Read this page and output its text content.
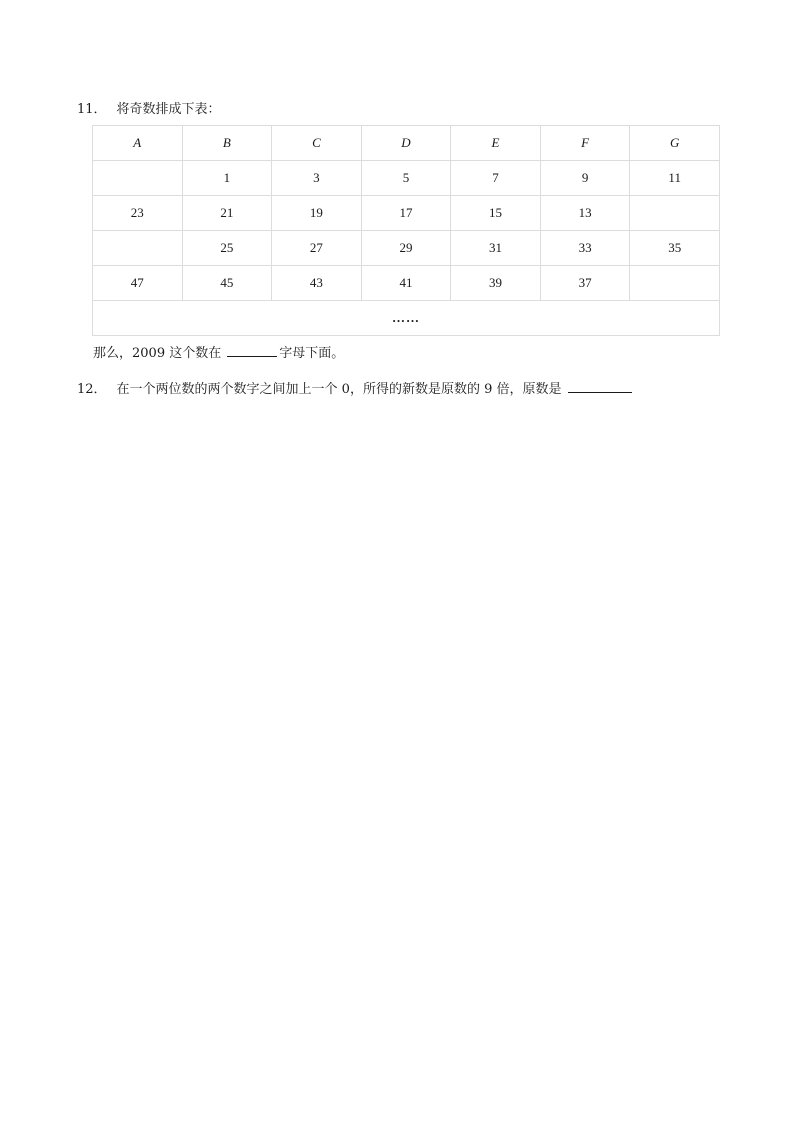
11． 将奇数排成下表：
A	B	C	D	E	F	G
	1	3	5	7	9	11
23	21	19	17	15	13	
	25	27	29	31	33	35
47	45	43	41	39	37	
……						
那么，2009 这个数在	字母下面。
12． 在一个两位数的两个数字之间加上一个 0，所得的新数是原数的 9 倍，原数是
